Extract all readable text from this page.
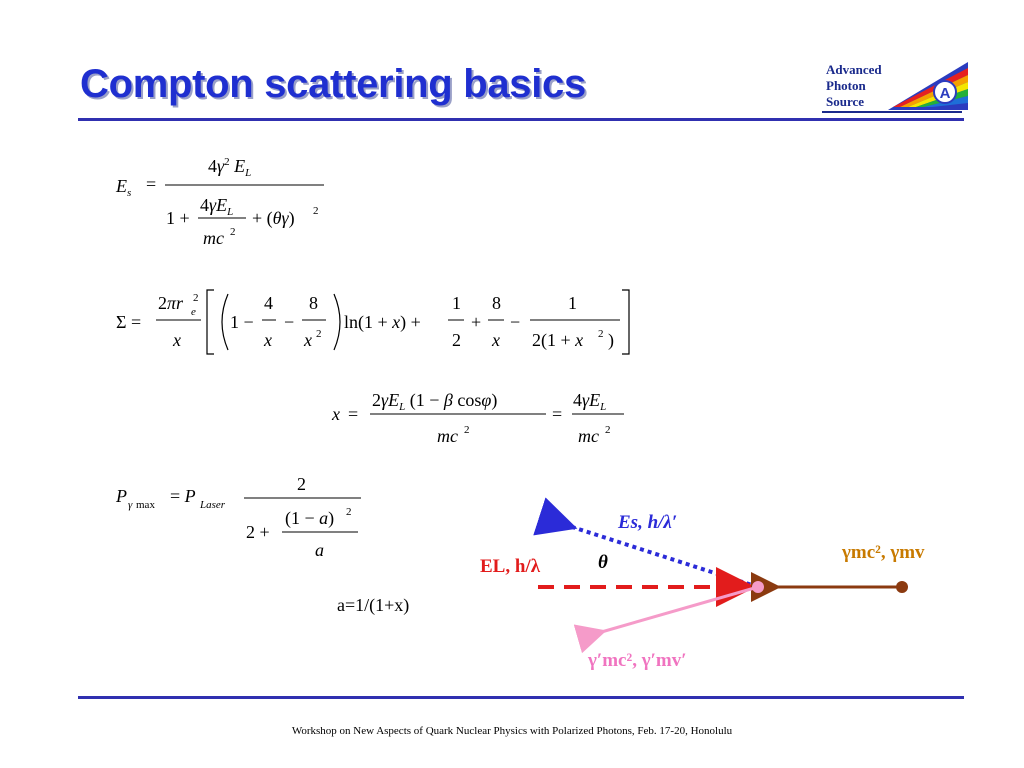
Compton scattering basics	Advanced
Photon
Source	A
$E_s$ =
$4\gamma^2$ $E_L$
1 +
$4\gamma E_L$
mc 2
+ (θγ) 2
Σ =
2πr 2
e
x
1 −
4
x
−
8
x 2
ln(1 + x) +
1
2
+
8
x
−
1
2(1 + x 2 )
x =
$2\gamma E_L$ (1 − β cosφ)
mc 2
=
$4\gamma E_L$
mc 2
P γ max = P Laser
2
2 +
(1 − a) 2
a
a=1/(1+x)
Es, h/λ′
EL, h/λ	θ	γmc², γmv
γ′mc², γ′mv′
Workshop on New Aspects of Quark Nuclear Physics with Polarized Photons, Feb. 17-20, Honolulu
